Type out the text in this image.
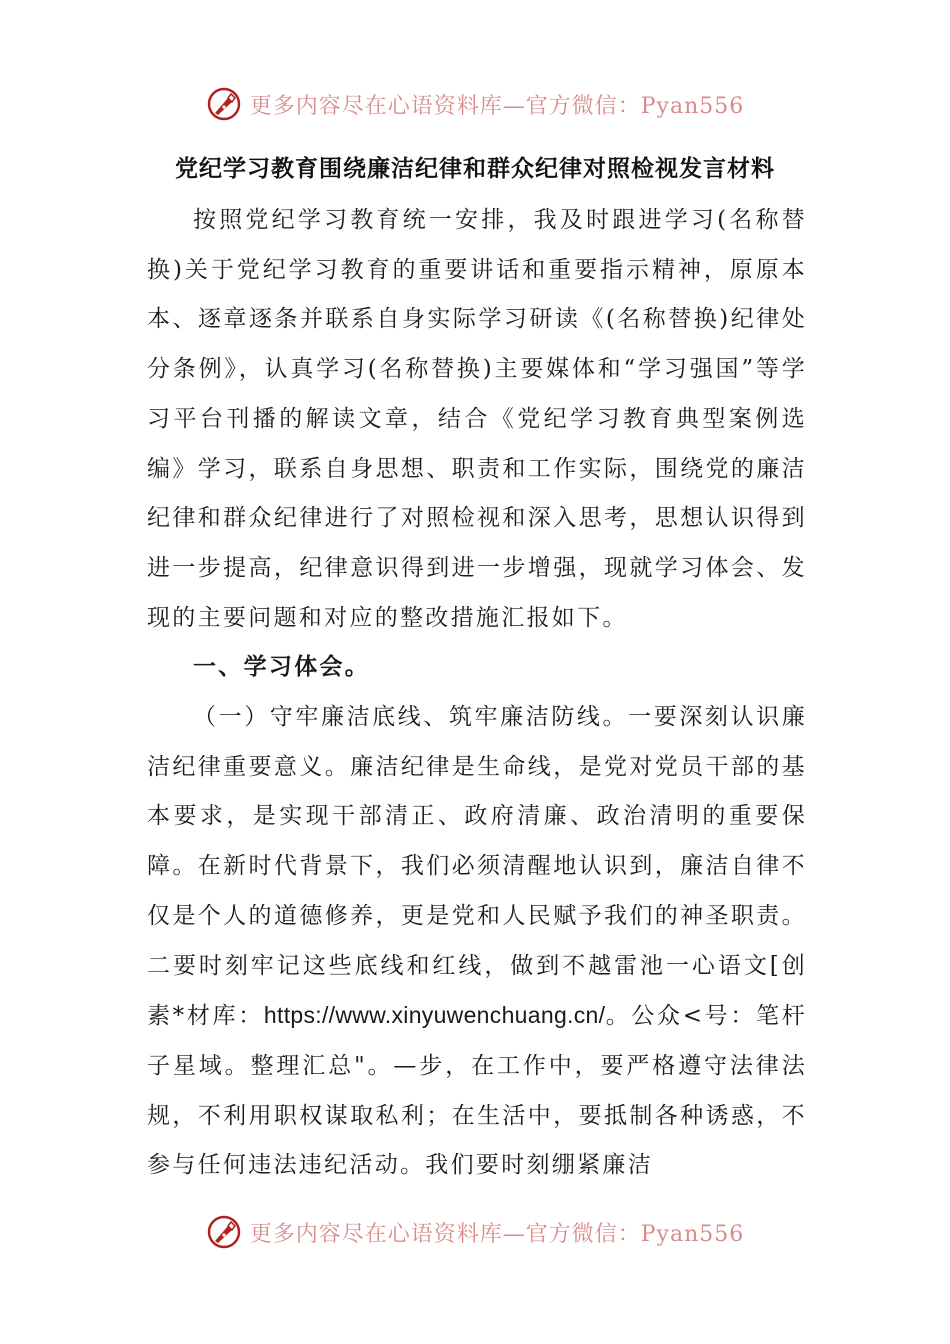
更多内容尽在心语资料库—官方微信：Pyan556
党纪学习教育围绕廉洁纪律和群众纪律对照检视发言材料

按照党纪学习教育统一安排，我及时跟进学习(名称替换)关于党纪学习教育的重要讲话和重要指示精神，原原本本、逐章逐条并联系自身实际学习研读《(名称替换)纪律处分条例》，认真学习(名称替换)主要媒体和“学习强国”等学习平台刊播的解读文章，结合《党纪学习教育典型案例选编》学习，联系自身思想、职责和工作实际，围绕党的廉洁纪律和群众纪律进行了对照检视和深入思考，思想认识得到进一步提高，纪律意识得到进一步增强，现就学习体会、发现的主要问题和对应的整改措施汇报如下。

一、学习体会。

（一）守牢廉洁底线、筑牢廉洁防线。一要深刻认识廉洁纪律重要意义。廉洁纪律是生命线，是党对党员干部的基本要求，是实现干部清正、政府清廉、政治清明的重要保障。在新时代背景下，我们必须清醒地认识到，廉洁自律不仅是个人的道德修养，更是党和人民赋予我们的神圣职责。二要时刻牢记这些底线和红线，做到不越雷池一心语文[创素*材库：https://www.xinyuwenchuang.cn/。公众<号：笔杆子星域。整理汇总"。—步，在工作中，要严格遵守法律法规，不利用职权谋取私利；在生活中，要抵制各种诱惑，不参与任何违法违纪活动。我们要时刻绷紧廉洁

更多内容尽在心语资料库—官方微信：Pyan556
